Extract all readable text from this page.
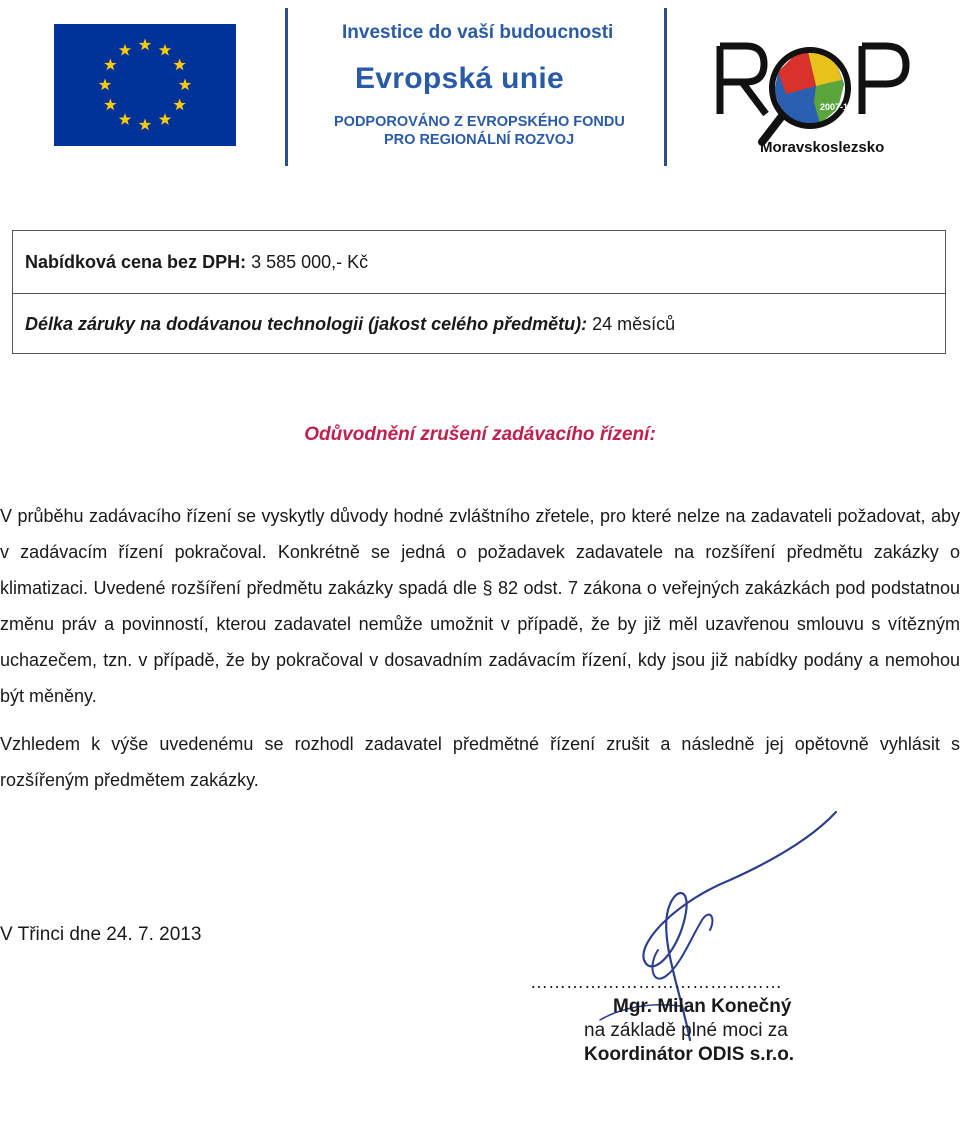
Investice do vaší budoucnosti
Evropská unie
PODPOROVÁNO Z EVROPSKÉHO FONDU
PRO REGIONÁLNÍ ROZVOJ
2007-13
Moravskoslezsko
Nabídková cena bez DPH: 3 585 000,- Kč
Délka záruky na dodávanou technologii (jakost celého předmětu): 24 měsíců
Odůvodnění zrušení zadávacího řízení:
V průběhu zadávacího řízení se vyskytly důvody hodné zvláštního zřetele, pro které nelze na zadavateli požadovat, aby v zadávacím řízení pokračoval. Konkrétně se jedná o požadavek zadavatele na rozšíření předmětu zakázky o klimatizaci. Uvedené rozšíření předmětu zakázky spadá dle § 82 odst. 7 zákona o veřejných zakázkách pod podstatnou změnu práv a povinností, kterou zadavatel nemůže umožnit v případě, že by již měl uzavřenou smlouvu s vítězným uchazečem, tzn. v případě, že by pokračoval v dosavadním zadávacím řízení, kdy jsou již nabídky podány a nemohou být měněny.
Vzhledem k výše uvedenému se rozhodl zadavatel předmětné řízení zrušit a následně jej opětovně vyhlásit s rozšířeným předmětem zakázky.
V Třinci dne 24. 7. 2013
……………………………………
Mgr. Milan Konečný
na základě plné moci za
Koordinátor ODIS s.r.o.
